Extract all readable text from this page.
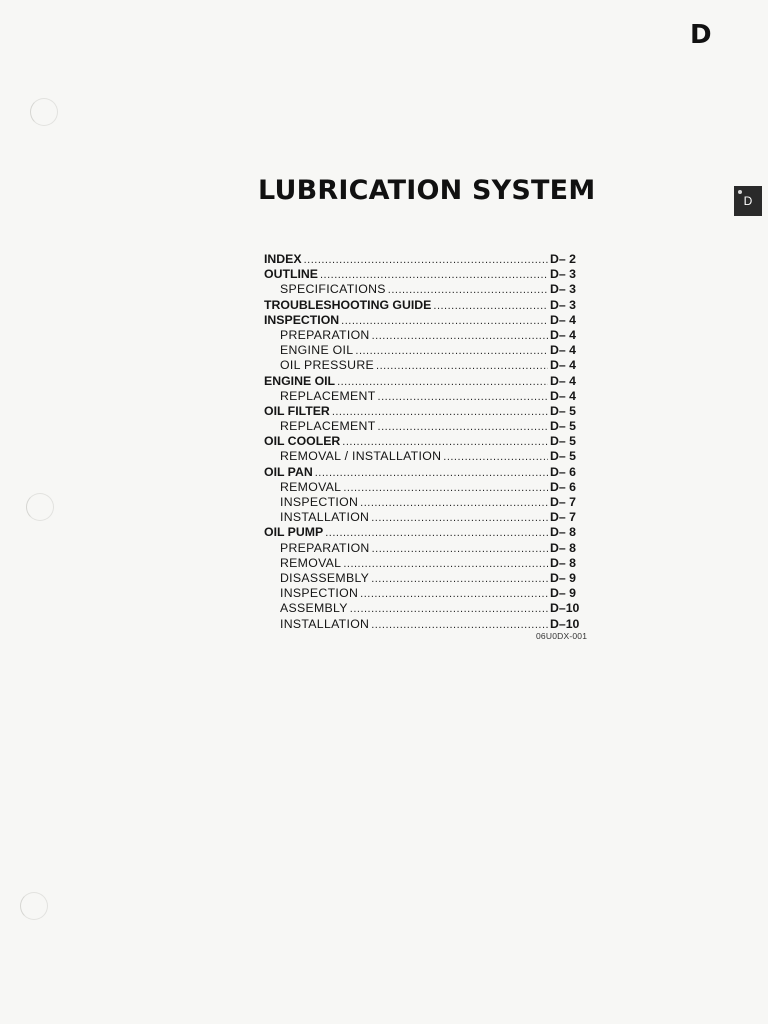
D
D
LUBRICATION SYSTEM
INDEX .....	D– 2
OUTLINE .....	D– 3
SPECIFICATIONS .....	D– 3
TROUBLESHOOTING GUIDE .....	D– 3
INSPECTION .....	D– 4
PREPARATION .....	D– 4
ENGINE OIL .....	D– 4
OIL PRESSURE .....	D– 4
ENGINE OIL .....	D– 4
REPLACEMENT .....	D– 4
OIL FILTER .....	D– 5
REPLACEMENT .....	D– 5
OIL COOLER .....	D– 5
REMOVAL / INSTALLATION .....	D– 5
OIL PAN .....	D– 6
REMOVAL .....	D– 6
INSPECTION .....	D– 7
INSTALLATION .....	D– 7
OIL PUMP .....	D– 8
PREPARATION .....	D– 8
REMOVAL .....	D– 8
DISASSEMBLY .....	D– 9
INSPECTION .....	D– 9
ASSEMBLY .....	D–10
INSTALLATION .....	D–10
06U0DX-001
